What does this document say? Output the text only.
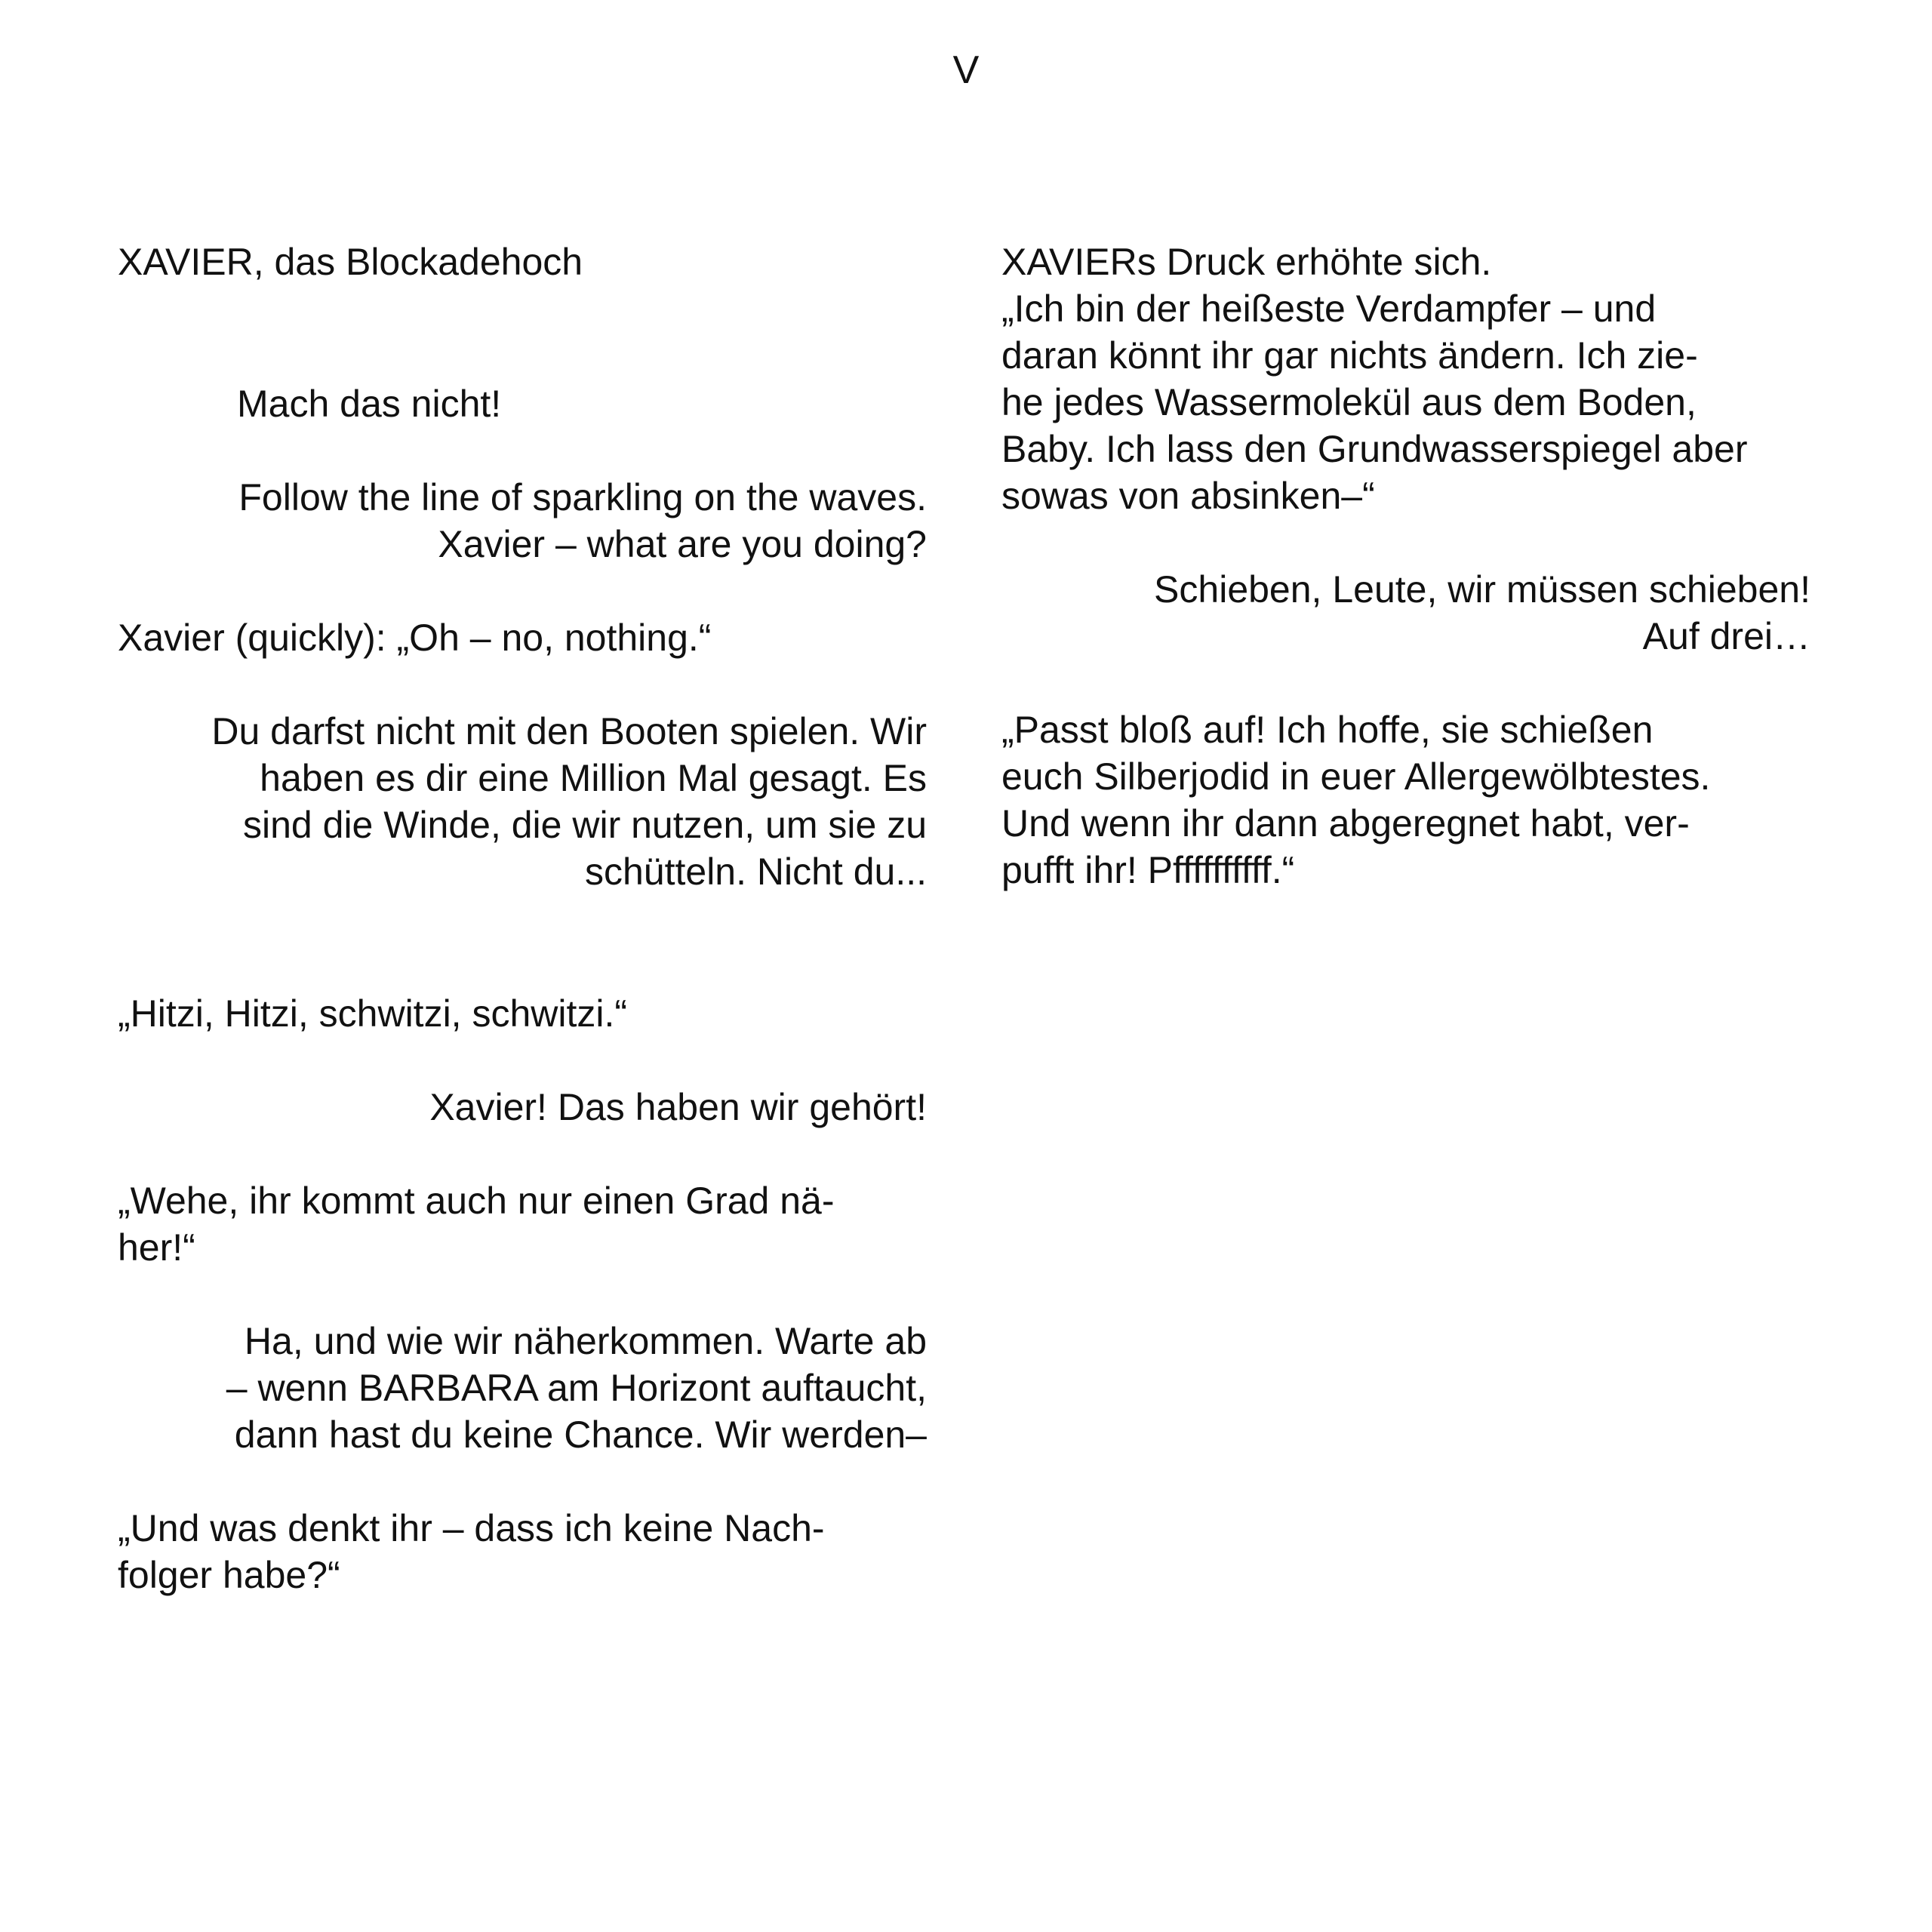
V

XAVIER, das Blockadehoch

Mach das nicht!

Follow the line of sparkling on the waves.
Xavier – what are you doing?

Xavier (quickly): „Oh – no, nothing.“

Du darfst nicht mit den Booten spielen. Wir
haben es dir eine Million Mal gesagt. Es
sind die Winde, die wir nutzen, um sie zu
schütteln. Nicht du...

„Hitzi, Hitzi, schwitzi, schwitzi.“

Xavier! Das haben wir gehört!

„Wehe, ihr kommt auch nur einen Grad nä-
her!“

Ha, und wie wir näherkommen. Warte ab
– wenn BARBARA am Horizont auftaucht,
dann hast du keine Chance. Wir werden–

„Und was denkt ihr – dass ich keine Nach-
folger habe?“

XAVIERs Druck erhöhte sich.
„Ich bin der heißeste Verdampfer – und
daran könnt ihr gar nichts ändern. Ich zie-
he jedes Wassermolekül aus dem Boden,
Baby. Ich lass den Grundwasserspiegel aber
sowas von absinken–“

Schieben, Leute, wir müssen schieben!
Auf drei…

„Passt bloß auf! Ich hoffe, sie schießen
euch Silberjodid in euer Allergewölbtestes.
Und wenn ihr dann abgeregnet habt, ver-
pufft ihr! Pffffffffff.“
